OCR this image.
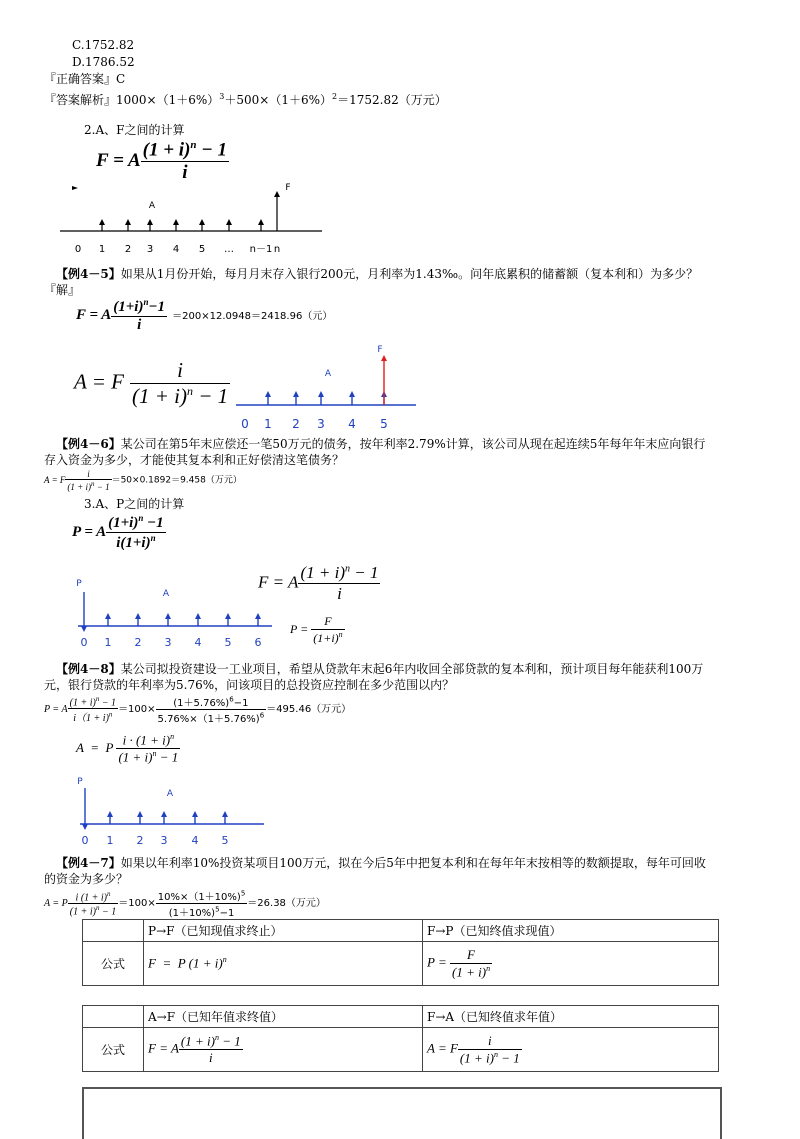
C.1752.82
D.1786.52
『正确答案』C
『答案解析』$1000\times(1+6\%)^3+500\times(1+6\%)^2=1752.82$（万元）
2.A、F之间的计算
F = A $\frac{(1 + i)^n - 1}{i}$
A
F
0 1 2 3 4 5 … n－1 n
【例4－5】如果从1月份开始，每月月末存入银行200元，月利率为1.43‰。问年底累积的储蓄额（复本利和）为多少？
『解』
F = A $\frac{(1+i)^n-1}{i} =200\times 12.0948=2418.96$（元）
A = F $\frac{i}{(1 + i)^n - 1}$	A
F
0 1 2 3 4 5
【例4－6】某公司在第5年末应偿还一笔50万元的债务，按年利率2.79%计算，该公司从现在起连续5年每年年末应向银行
存入资金为多少，才能使其复本利和正好偿清这笔债务？
A = F $\frac{i}{(1 + i)^n - 1} =50\times 0.1892=9.458$（万元）
3.A、P之间的计算
P = A $\frac{(1+i)^n -1}{i(1+i)^n}$
P
A
0 1 2 3 4 5 6
F = A $\frac{(1 + i)^n - 1}{i}$
$P = \frac{F}{(1+i)^n}$
【例4－8】某公司拟投资建设一工业项目，希望从贷款年末起6年内收回全部贷款的复本利和，预计项目每年能获利100万
元，银行贷款的年利率为5.76%，问该项目的总投资应控制在多少范围以内？
P = A $\frac{(1 + i)^n - 1}{i(1 + i)^n} =100\times \frac{(1+5.76\%)^6-1}{5.76\%\times(1+5.76\%)^6} =495.46$（万元）
A  =  P $\frac{i \cdot (1 + i)^n}{(1 + i)^n - 1}$
P
A
0 1 2 3 4 5
【例4－7】如果以年利率10%投资某项目100万元，拟在今后5年中把复本利和在每年年末按相等的数额提取，每年可回收
的资金为多少？
A = P $\frac{i (1 + i)^n}{(1 + i)^n - 1} =100\times \frac{10\%\times(1+10\%)^5}{(1+10\%)^5-1} =26.38$（万元）
	P→F（已知现值求终止）	F→P（已知终值求现值）
公式	F  =  P $(1 + i)^n$	$P = \frac{F}{(1 + i)^n}$
	A→F（已知年值求终值）	F→A（已知终值求年值）
公式	F = A $\frac{(1 + i)^n - 1}{i}$	A = F $\frac{i}{(1 + i)^n - 1}$
